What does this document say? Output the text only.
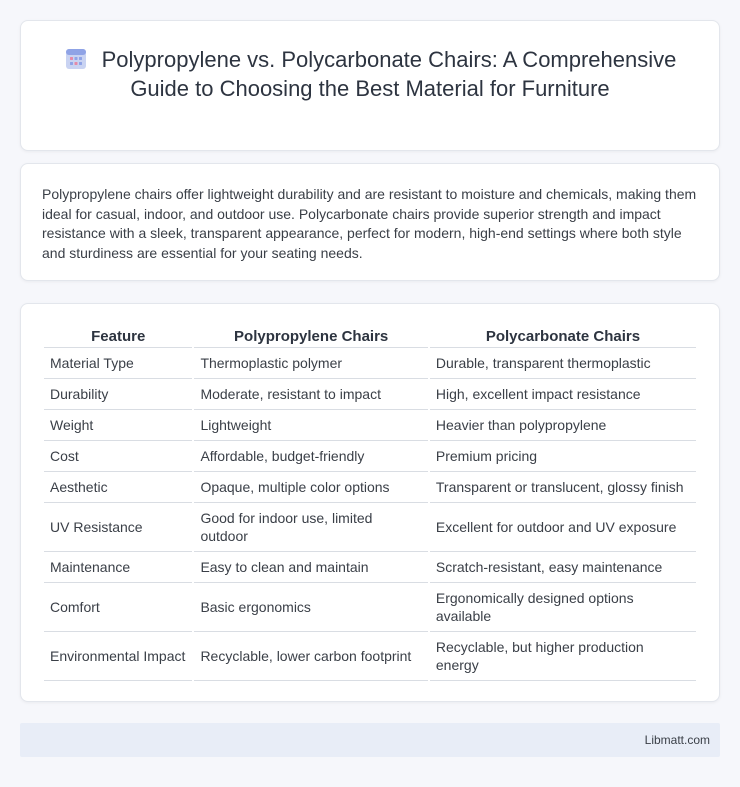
Polypropylene vs. Polycarbonate Chairs: A Comprehensive Guide to Choosing the Best Material for Furniture

Polypropylene chairs offer lightweight durability and are resistant to moisture and chemicals, making them ideal for casual, indoor, and outdoor use. Polycarbonate chairs provide superior strength and impact resistance with a sleek, transparent appearance, perfect for modern, high-end settings where both style and sturdiness are essential for your seating needs.

Feature	Polypropylene Chairs	Polycarbonate Chairs
Material Type	Thermoplastic polymer	Durable, transparent thermoplastic
Durability	Moderate, resistant to impact	High, excellent impact resistance
Weight	Lightweight	Heavier than polypropylene
Cost	Affordable, budget-friendly	Premium pricing
Aesthetic	Opaque, multiple color options	Transparent or translucent, glossy finish
UV Resistance	Good for indoor use, limited outdoor	Excellent for outdoor and UV exposure
Maintenance	Easy to clean and maintain	Scratch-resistant, easy maintenance
Comfort	Basic ergonomics	Ergonomically designed options available
Environmental Impact	Recyclable, lower carbon footprint	Recyclable, but higher production energy
Libmatt.com
